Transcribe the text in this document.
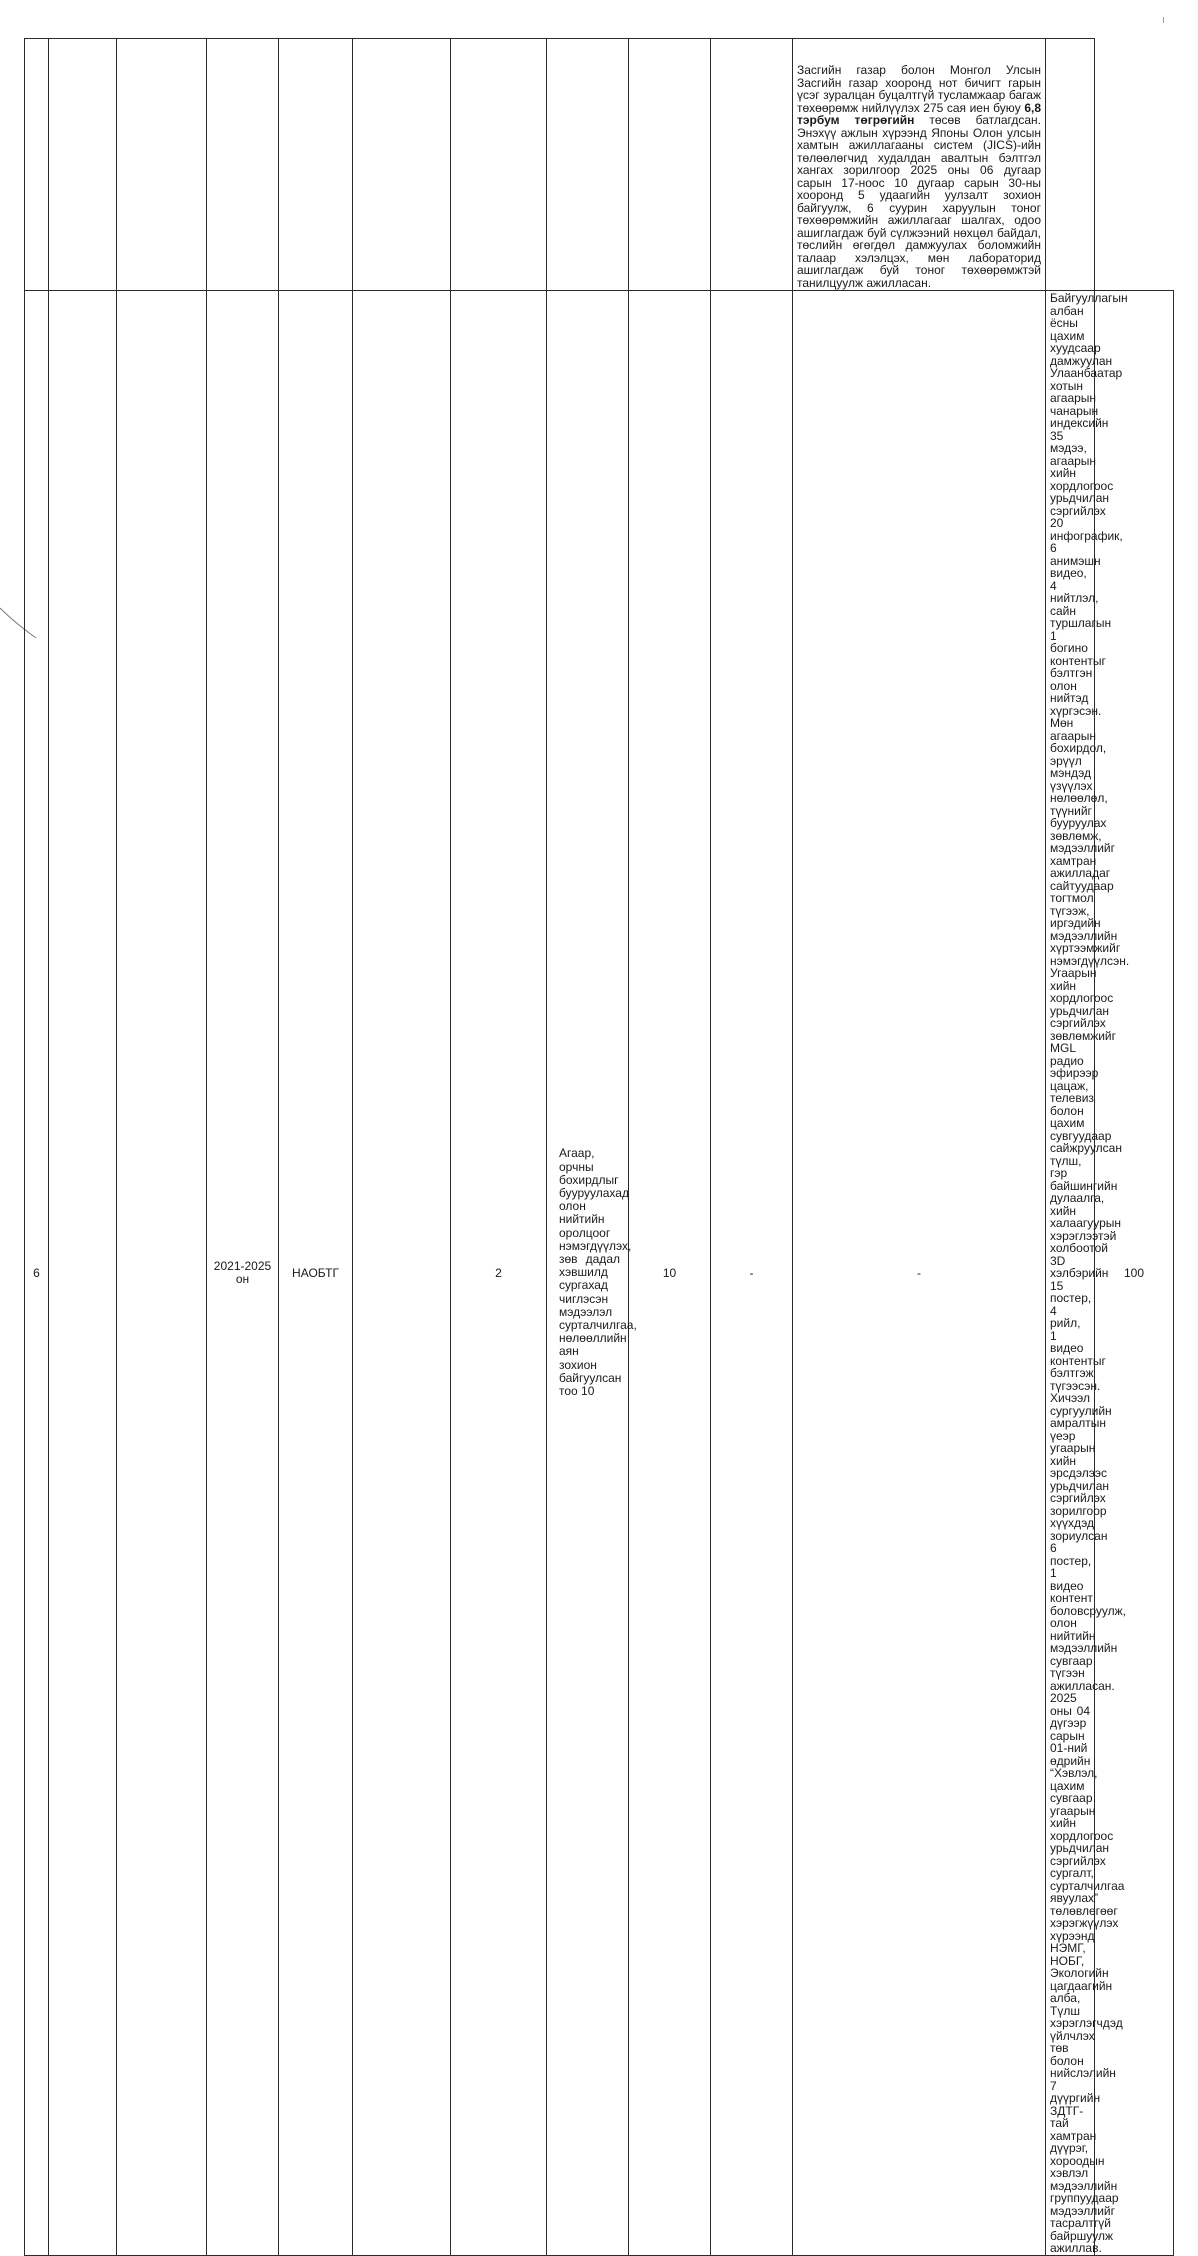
										Засгийн газар болон Монгол Улсын Засгийн газар хооронд нот бичигт гарын үсэг зуралцан буцалтгүй тусламжаар багаж төхөөрөмж нийлүүлэх 275 сая иен буюу 6,8 тэрбум төгрөгийн төсөв батлагдсан. Энэхүү ажлын хүрээнд Японы Олон улсын хамтын ажиллагааны систем (JICS)-ийн төлөөлөгчид худалдан авалтын бэлтгэл хангах зорилгоор 2025 оны 06 дугаар сарын 17-ноос 10 дугаар сарын 30-ны хооронд 5 удаагийн уулзалт зохион байгуулж, 6 суурин харуулын тоног төхөөрөмжийн ажиллагааг шалгах, одоо ашиглагдаж буй сүлжээний нөхцөл байдал, төслийн өгөгдөл дамжуулах боломжийн талаар хэлэлцэх, мөн лабораторид ашиглагдаж буй тоног төхөөрөмжтэй танилцуулж ажилласан.		

6			2021-2025 он	НАОБТГ		2	Агаар, орчны бохирдлыг бууруулахад олон нийтийн оролцоог нэмэгдүүлэх, зөв дадал хэвшилд сургахад чиглэсэн мэдээлэл сурталчилгаа, нөлөөллийн аян зохион байгуулсан тоо 10	10	-	-	Байгууллагын албан ёсны цахим хуудсаар дамжуулан Улаанбаатар хотын агаарын чанарын индексийн 35 мэдээ, агаарын хийн хордлогоос урьдчилан сэргийлэх 20 инфографик, 6 анимэшн видео, 4 нийтлэл, сайн туршлагын 1 богино контентыг бэлтгэн олон нийтэд хүргэсэн. Мөн агаарын бохирдол, эрүүл мэндэд үзүүлэх нөлөөлөл, түүнийг бууруулах зөвлөмж, мэдээллийг хамтран ажилладаг сайтуудаар тогтмол түгээж, иргэдийн мэдээллийн хүртээмжийг нэмэгдүүлсэн.
Угаарын хийн хордлогоос урьдчилан сэргийлэх зөвлөмжийг MGL радио эфирээр цацаж, телевиз болон цахим сувгуудаар сайжруулсан түлш, гэр байшингийн дулаалга, хийн халаагуурын хэрэглээтэй холбоотой 3D хэлбэрийн 15 постер, 4 рийл, 1 видео контентыг бэлтгэж түгээсэн.
Хичээл сургуулийн амралтын үеэр угаарын хийн эрсдэлээс урьдчилан сэргийлэх зорилгоор хүүхдэд зориулсан 6 постер, 1 видео контент боловсруулж, олон нийтийн мэдээллийн сувгаар түгээн ажилласан.
2025 оны 04 дүгээр сарын 01-ний өдрийн “Хэвлэл, цахим сувгаар угаарын хийн хордлогоос урьдчилан сэргийлэх сургалт, сурталчилгаа явуулах” төлөвлөгөөг хэрэгжүүлэх хүрээнд НЭМГ, НОБГ, Экологийн цагдаагийн алба, Түлш хэрэглэгчдэд үйлчлэх төв болон нийслэлийн 7 дүүргийн ЗДТГ-тай хамтран дүүрэг, хороодын хэвлэл мэдээллийн группуудаар мэдээллийг тасралтгүй байршуулж ажиллав.	100
